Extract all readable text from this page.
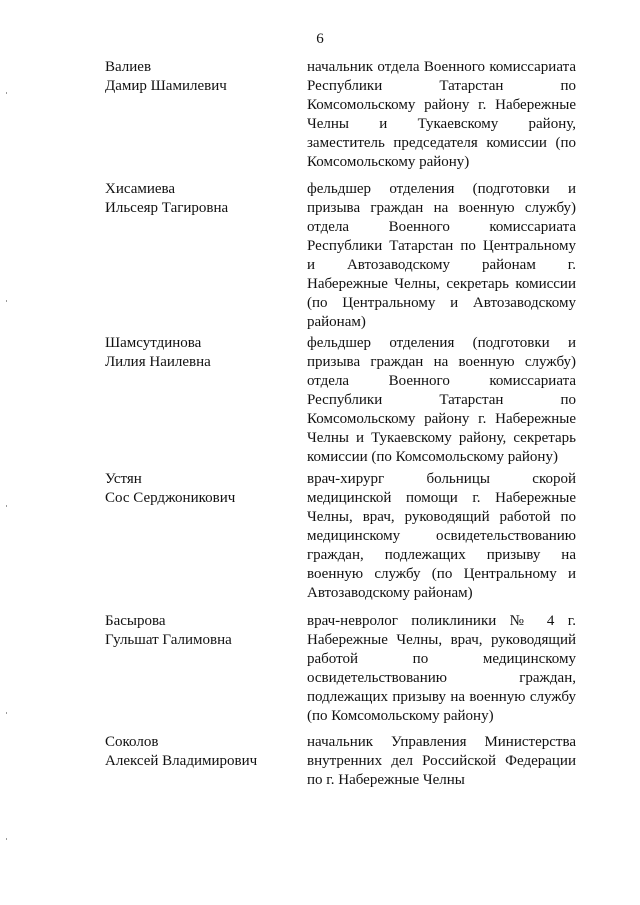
6
Валиев
Дамир Шамилевич
начальник отдела Военного комиссариата Республики Татарстан по Комсомольскому району г. Набережные Челны и Тукаевскому району, заместитель председателя комиссии (по Комсомольскому району)
Хисамиева
Ильсеяр Тагировна
фельдшер отделения (подготовки и призыва граждан на военную службу) отдела Военного комиссариата Республики Татарстан по Центральному и Автозаводскому районам г. Набережные Челны, секретарь комиссии (по Центральному и Автозаводскому районам)
Шамсутдинова
Лилия Наилевна
фельдшер отделения (подготовки и призыва граждан на военную службу) отдела Военного комиссариата Республики Татарстан по Комсомольскому району г. Набережные Челны и Тукаевскому району, секретарь комиссии (по Комсомольскому району)
Устян
Сос Серджоникович
врач-хирург больницы скорой медицинской помощи г. Набережные Челны, врач, руководящий работой по медицинскому освидетельствованию граждан, подлежащих призыву на военную службу (по Центральному и Автозаводскому районам)
Басырова
Гульшат Галимовна
врач-невролог поликлиники № 4 г. Набережные Челны, врач, руководящий работой по медицинскому освидетельствованию граждан, подлежащих призыву на военную службу (по Комсомольскому району)
Соколов
Алексей Владимирович
начальник Управления Министерства внутренних дел Российской Федерации по г. Набережные Челны
